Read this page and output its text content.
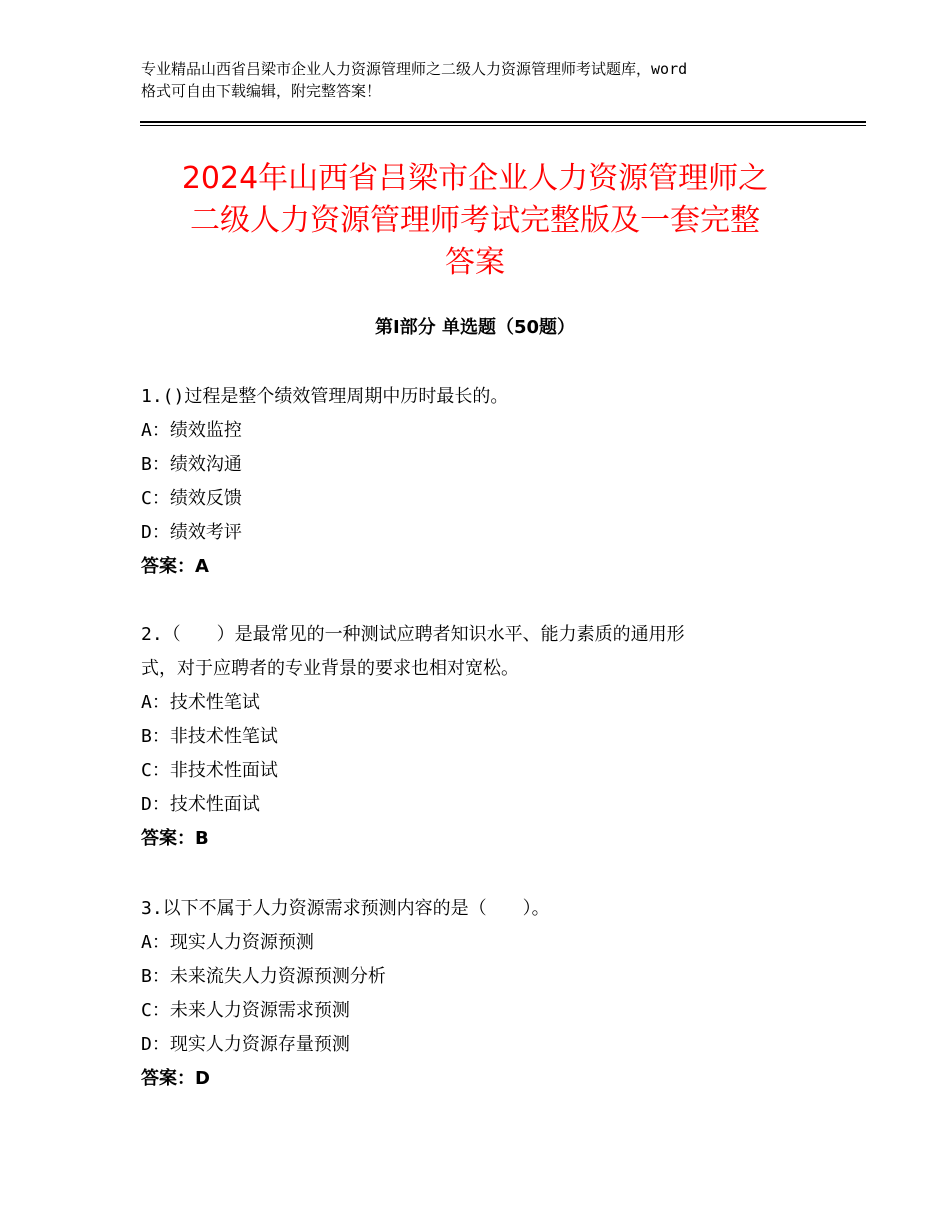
专业精品山西省吕梁市企业人力资源管理师之二级人力资源管理师考试题库，word
格式可自由下载编辑，附完整答案！
2024年山西省吕梁市企业人力资源管理师之
二级人力资源管理师考试完整版及一套完整
答案
第Ⅰ部分 单选题（50题）
1.()过程是整个绩效管理周期中历时最长的。
A：绩效监控
B：绩效沟通
C：绩效反馈
D：绩效考评
答案：A
2.（　　）是最常见的一种测试应聘者知识水平、能力素质的通用形
式，对于应聘者的专业背景的要求也相对宽松。
A：技术性笔试
B：非技术性笔试
C：非技术性面试
D：技术性面试
答案：B
3.以下不属于人力资源需求预测内容的是（　　）。
A：现实人力资源预测
B：未来流失人力资源预测分析
C：未来人力资源需求预测
D：现实人力资源存量预测
答案：D
